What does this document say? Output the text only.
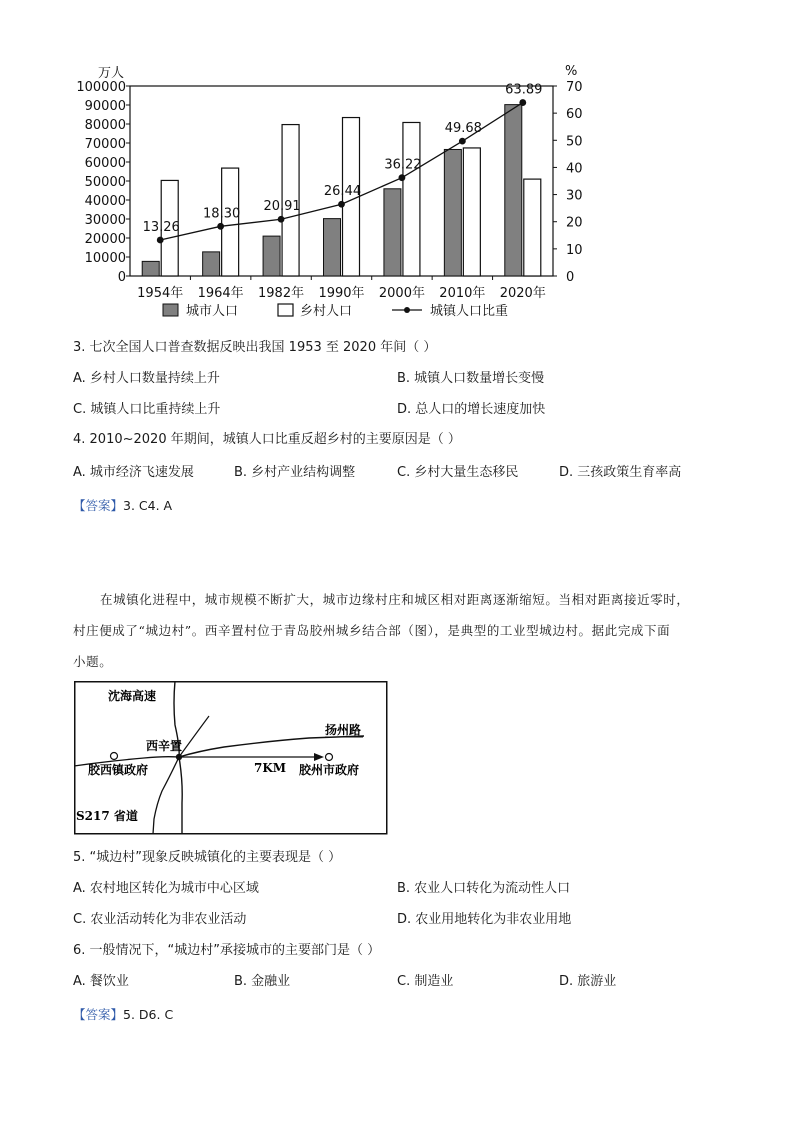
100000
90000
80000
70000
60000
50000
40000
30000
20000
10000
0
万人
70
60
50
40
30
20
10
0
%
1954年 1964年 1982年 1990年 2000年 2010年 2020年
13.26
18.30 20.91
26.44
36.22
49.68
63.89
城市人口	乡村人口	城镇人口比重
3. 七次全国人口普查数据反映出我国 1953 至 2020 年间（ ）
A. 乡村人口数量持续上升	B. 城镇人口数量增长变慢
C. 城镇人口比重持续上升	D. 总人口的增长速度加快
4. 2010~2020 年期间，城镇人口比重反超乡村的主要原因是（ ）
A. 城市经济飞速发展	B. 乡村产业结构调整	C. 乡村大量生态移民	D. 三孩政策生育率高
【答案】3. C4. A
在城镇化进程中，城市规模不断扩大，城市边缘村庄和城区相对距离逐渐缩短。当相对距离接近零时，
村庄便成了“城边村”。西辛置村位于青岛胶州城乡结合部（图），是典型的工业型城边村。据此完成下面
小题。
沈海高速
扬州路
西辛置
胶西镇政府	7KM 胶州市政府
S217 省道
5. “城边村”现象反映城镇化的主要表现是（ ）
A. 农村地区转化为城市中心区域	B. 农业人口转化为流动性人口
C. 农业活动转化为非农业活动	D. 农业用地转化为非农业用地
6. 一般情况下，“城边村”承接城市的主要部门是（ ）
A. 餐饮业	B. 金融业	C. 制造业	D. 旅游业
【答案】5. D6. C
